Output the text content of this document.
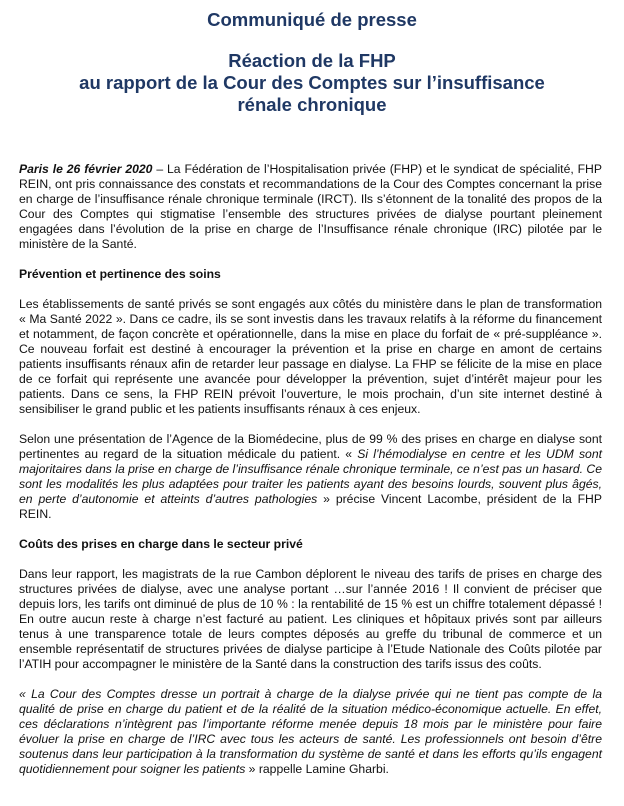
Communiqué de presse
Réaction de la FHP
au rapport de la Cour des Comptes sur l’insuffisance
rénale chronique

Paris le 26 février 2020 – La Fédération de l’Hospitalisation privée (FHP) et le syndicat de spécialité, FHP REIN, ont pris connaissance des constats et recommandations de la Cour des Comptes concernant la prise en charge de l’insuffisance rénale chronique terminale (IRCT). Ils s’étonnent de la tonalité des propos de la Cour des Comptes qui stigmatise l’ensemble des structures privées de dialyse pourtant pleinement engagées dans l’évolution de la prise en charge de l’Insuffisance rénale chronique (IRC) pilotée par le ministère de la Santé.

Prévention et pertinence des soins

Les établissements de santé privés se sont engagés aux côtés du ministère dans le plan de transformation « Ma Santé 2022 ». Dans ce cadre, ils se sont investis dans les travaux relatifs à la réforme du financement et notamment, de façon concrète et opérationnelle, dans la mise en place du forfait de « pré-suppléance ». Ce nouveau forfait est destiné à encourager la prévention et la prise en charge en amont de certains patients insuffisants rénaux afin de retarder leur passage en dialyse. La FHP se félicite de la mise en place de ce forfait qui représente une avancée pour développer la prévention, sujet d’intérêt majeur pour les patients. Dans ce sens, la FHP REIN prévoit l’ouverture, le mois prochain, d’un site internet destiné à sensibiliser le grand public et les patients insuffisants rénaux à ces enjeux.

Selon une présentation de l’Agence de la Biomédecine, plus de 99 % des prises en charge en dialyse sont pertinentes au regard de la situation médicale du patient. « Si l’hémodialyse en centre et les UDM sont majoritaires dans la prise en charge de l’insuffisance rénale chronique terminale, ce n’est pas un hasard. Ce sont les modalités les plus adaptées pour traiter les patients ayant des besoins lourds, souvent plus âgés, en perte d’autonomie et atteints d’autres pathologies » précise Vincent Lacombe, président de la FHP REIN.

Coûts des prises en charge dans le secteur privé

Dans leur rapport, les magistrats de la rue Cambon déplorent le niveau des tarifs de prises en charge des structures privées de dialyse, avec une analyse portant …sur l’année 2016 ! Il convient de préciser que depuis lors, les tarifs ont diminué de plus de 10 % : la rentabilité de 15 % est un chiffre totalement dépassé ! En outre aucun reste à charge n’est facturé au patient. Les cliniques et hôpitaux privés sont par ailleurs tenus à une transparence totale de leurs comptes déposés au greffe du tribunal de commerce et un ensemble représentatif de structures privées de dialyse participe à l’Etude Nationale des Coûts pilotée par l’ATIH pour accompagner le ministère de la Santé dans la construction des tarifs issus des coûts.

« La Cour des Comptes dresse un portrait à charge de la dialyse privée qui ne tient pas compte de la qualité de prise en charge du patient et de la réalité de la situation médico-économique actuelle. En effet, ces déclarations n’intègrent pas l’importante réforme menée depuis 18 mois par le ministère pour faire évoluer la prise en charge de l’IRC avec tous les acteurs de santé. Les professionnels ont besoin d’être soutenus dans leur participation à la transformation du système de santé et dans les efforts qu’ils engagent quotidiennement pour soigner les patients » rappelle Lamine Gharbi.
